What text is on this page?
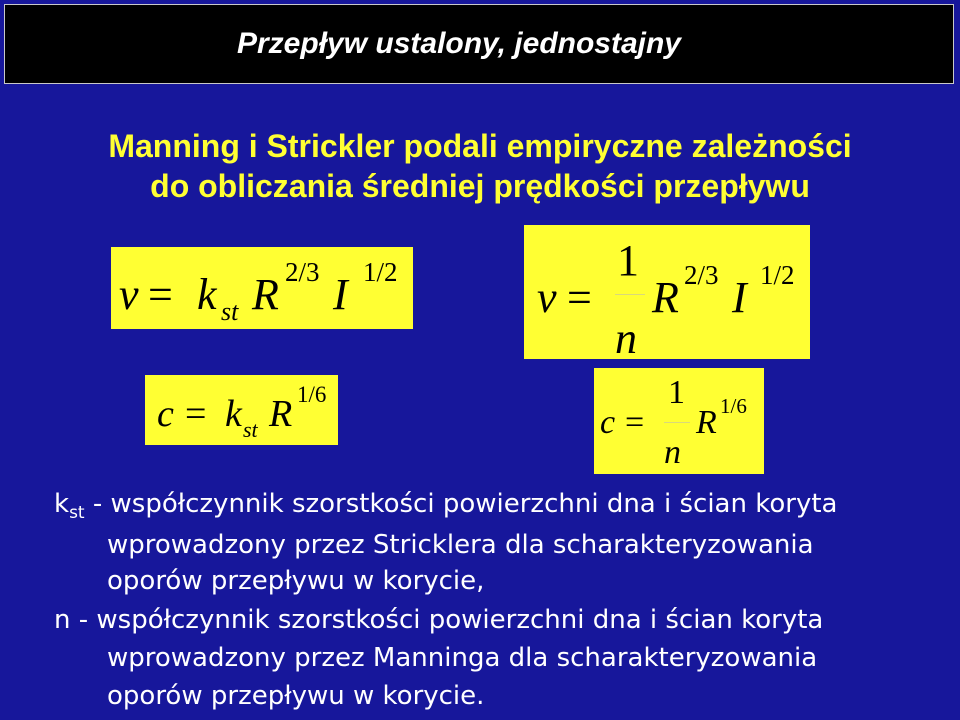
Przepływ ustalony, jednostajny
Manning i Strickler podali empiryczne zależności
do obliczania średniej prędkości przepływu
v = k st R 2/3 I 1/2
v =
1
n
R 2/3 I 1/2
c = k st R 1/6
c =
1
n
R 1/6
$k_{st}$ - współczynnik szorstkości powierzchni dna i ścian koryta
wprowadzony przez Stricklera dla scharakteryzowania
oporów przepływu w korycie,
n - współczynnik szorstkości powierzchni dna i ścian koryta
wprowadzony przez Manninga dla scharakteryzowania
oporów przepływu w korycie.
